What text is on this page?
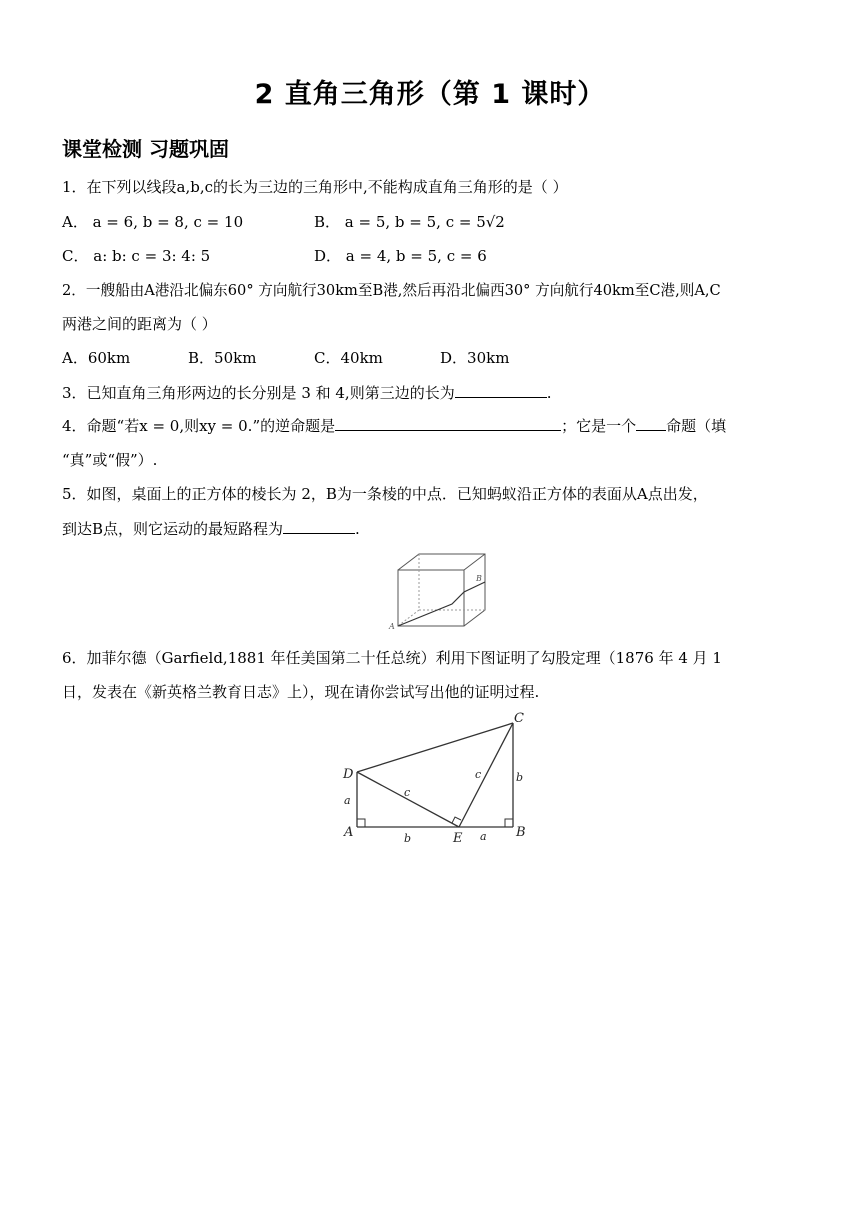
2 直角三角形（第 1 课时）
课堂检测 习题巩固
1．在下列以线段a,b,c的长为三边的三角形中,不能构成直角三角形的是（ ）
A． a = 6, b = 8, c = 10	B． a = 5, b = 5, c = 5√2
C． a: b: c = 3: 4: 5	D． a = 4, b = 5, c = 6
2．一艘船由A港沿北偏东60° 方向航行30km至B港,然后再沿北偏西30° 方向航行40km至C港,则A,C
两港之间的距离为（ ）
A．60km	B．50km	C．40km	D．30km
3．已知直角三角形两边的长分别是 3 和 4,则第三边的长为	.
4．命题“若x = 0,则xy = 0.”的逆命题是	；它是一个 命题（填
“真”或“假”）.
5．如图，桌面上的正方体的棱长为 2，B为一条棱的中点．已知蚂蚁沿正方体的表面从A点出发，
到达B点，则它运动的最短路程为	.
A
B
6．加菲尔德（Garfield,1881 年任美国第二十任总统）利用下图证明了勾股定理（1876 年 4 月 1
日，发表在《新英格兰教育日志》上），现在请你尝试写出他的证明过程.
D
A
C
B
E
a
b	a
b
c
c
